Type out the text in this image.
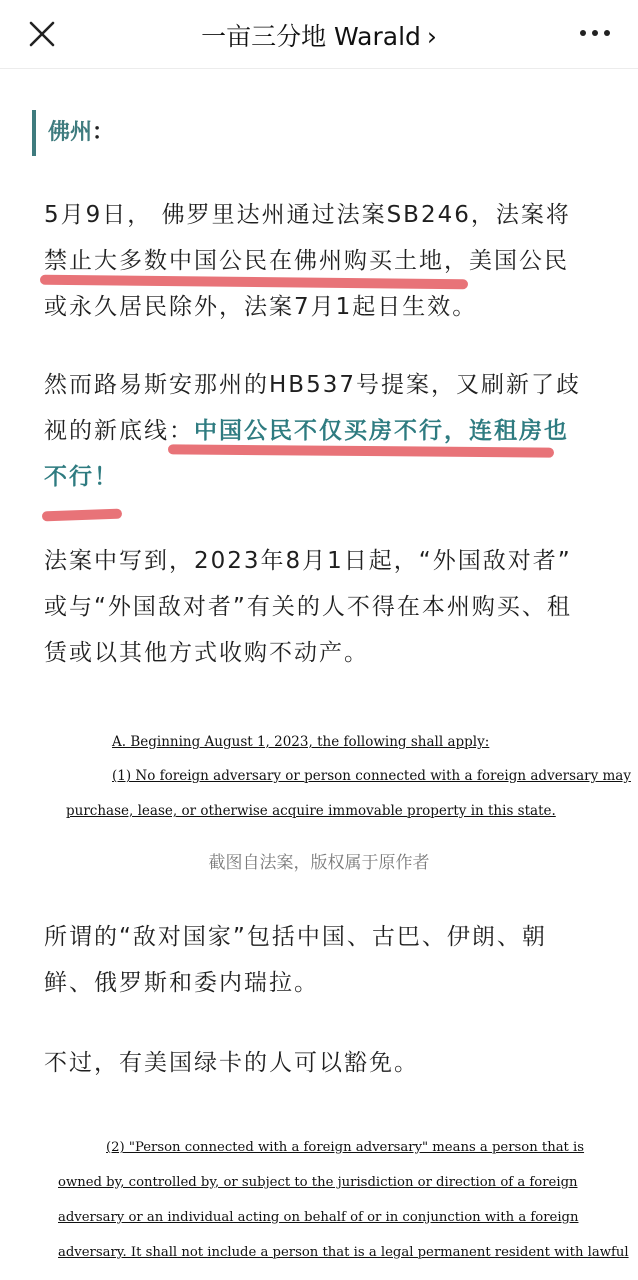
一亩三分地 Warald ›
佛州：
5月9日， 佛罗里达州通过法案SB246，法案将
禁止大多数中国公民在佛州购买土地，美国公民
或永久居民除外，法案7月1起日生效。
然而路易斯安那州的HB537号提案，又刷新了歧
视的新底线：中国公民不仅买房不行，连租房也
不行！
法案中写到，2023年8月1日起，“外国敌对者”
或与“外国敌对者”有关的人不得在本州购买、租
赁或以其他方式收购不动产。
A. Beginning August 1, 2023, the following shall apply:
(1) No foreign adversary or person connected with a foreign adversary may
purchase, lease, or otherwise acquire immovable property in this state.
截图自法案，版权属于原作者
所谓的“敌对国家”包括中国、古巴、伊朗、朝
鲜、俄罗斯和委内瑞拉。
不过，有美国绿卡的人可以豁免。
(2) "Person connected with a foreign adversary" means a person that is
owned by, controlled by, or subject to the jurisdiction or direction of a foreign
adversary or an individual acting on behalf of or in conjunction with a foreign
adversary. It shall not include a person that is a legal permanent resident with lawful
